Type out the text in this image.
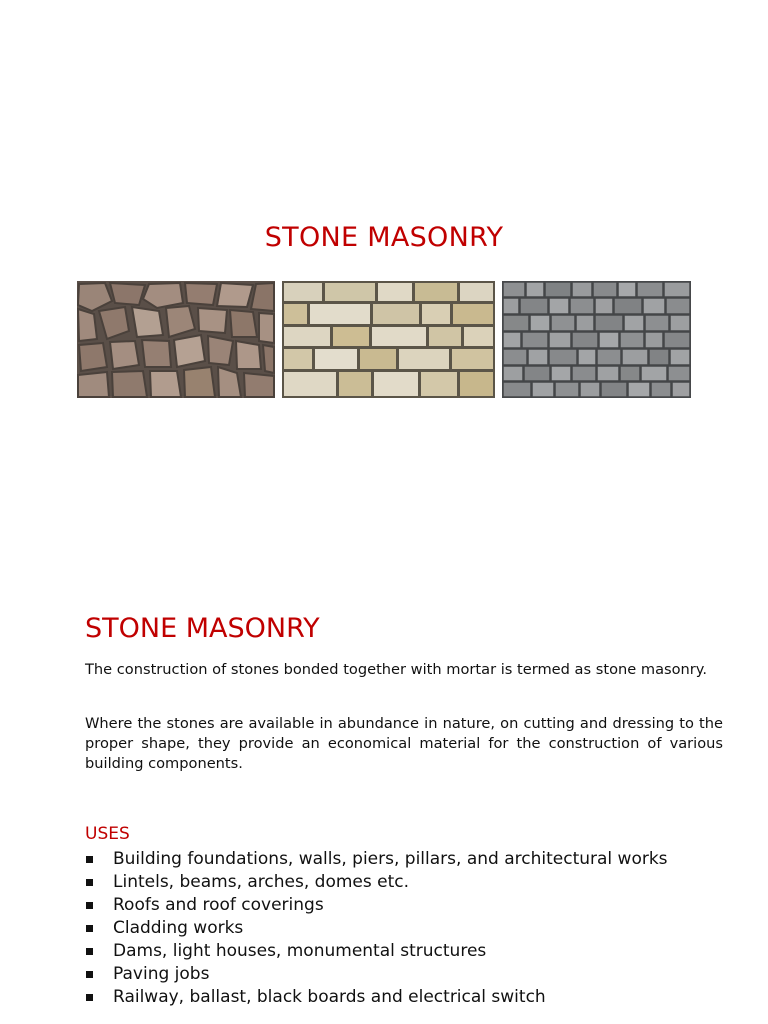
STONE MASONRY
STONE MASONRY

The construction of stones bonded together with mortar is termed as stone masonry.

Where the stones are available in abundance in nature, on cutting and dressing to the proper shape, they provide an economical material for the construction of various building components.

USES
Building foundations, walls, piers, pillars, and architectural works
Lintels, beams, arches, domes etc.
Roofs and roof coverings
Cladding works
Dams, light houses, monumental structures
Paving jobs
Railway, ballast, black boards and electrical switch
